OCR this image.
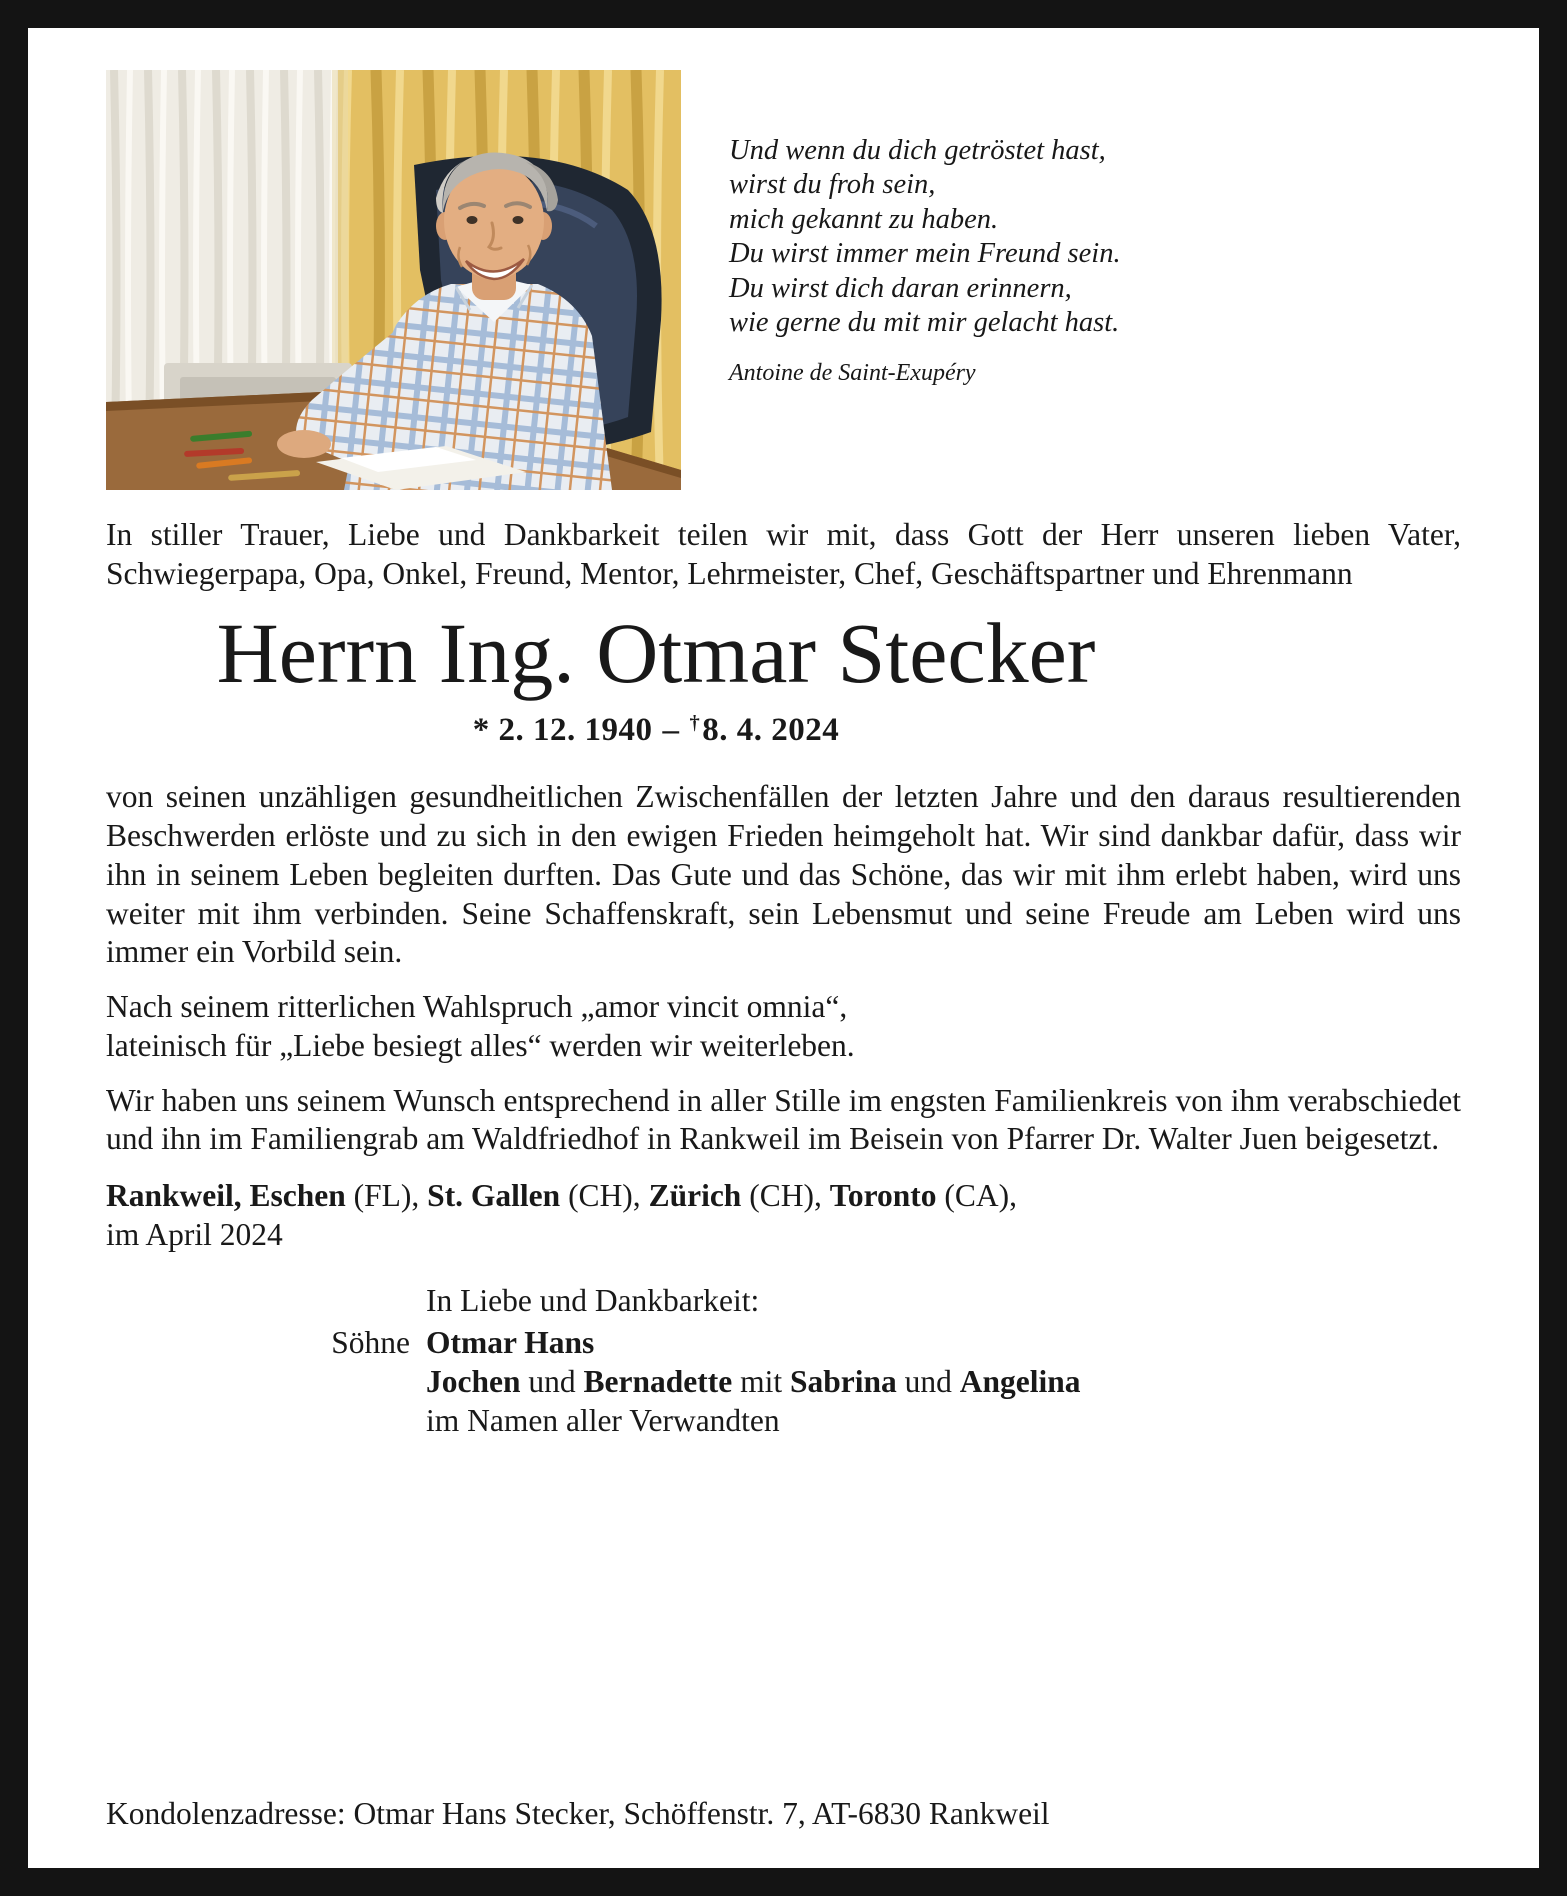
Und wenn du dich getröstet hast,
wirst du froh sein,
mich gekannt zu haben.
Du wirst immer mein Freund sein.
Du wirst dich daran erinnern,
wie gerne du mit mir gelacht hast.
Antoine de Saint-Exupéry

In stiller Trauer, Liebe und Dankbarkeit teilen wir mit, dass Gott der Herr unseren lieben Vater, Schwiegerpapa, Opa, Onkel, Freund, Mentor, Lehrmeister, Chef, Geschäftspartner und Ehrenmann

Herrn Ing. Otmar Stecker
* 2. 12. 1940 – †8. 4. 2024

von seinen unzähligen gesundheitlichen Zwischenfällen der letzten Jahre und den daraus resultierenden Beschwerden erlöste und zu sich in den ewigen Frieden heimgeholt hat. Wir sind dankbar dafür, dass wir ihn in seinem Leben begleiten durften. Das Gute und das Schöne, das wir mit ihm erlebt haben, wird uns weiter mit ihm verbinden. Seine Schaffenskraft, sein Lebensmut und seine Freude am Leben wird uns immer ein Vorbild sein.

Nach seinem ritterlichen Wahlspruch „amor vincit omnia“,
lateinisch für „Liebe besiegt alles“ werden wir weiterleben.

Wir haben uns seinem Wunsch entsprechend in aller Stille im engsten Familienkreis von ihm verabschiedet und ihn im Familiengrab am Waldfriedhof in Rankweil im Beisein von Pfarrer Dr. Walter Juen beigesetzt.

Rankweil, Eschen (FL), St. Gallen (CH), Zürich (CH), Toronto (CA),
im April 2024

In Liebe und Dankbarkeit:
Söhne Otmar Hans
Jochen und Bernadette mit Sabrina und Angelina
im Namen aller Verwandten

Kondolenzadresse: Otmar Hans Stecker, Schöffenstr. 7, AT-6830 Rankweil
